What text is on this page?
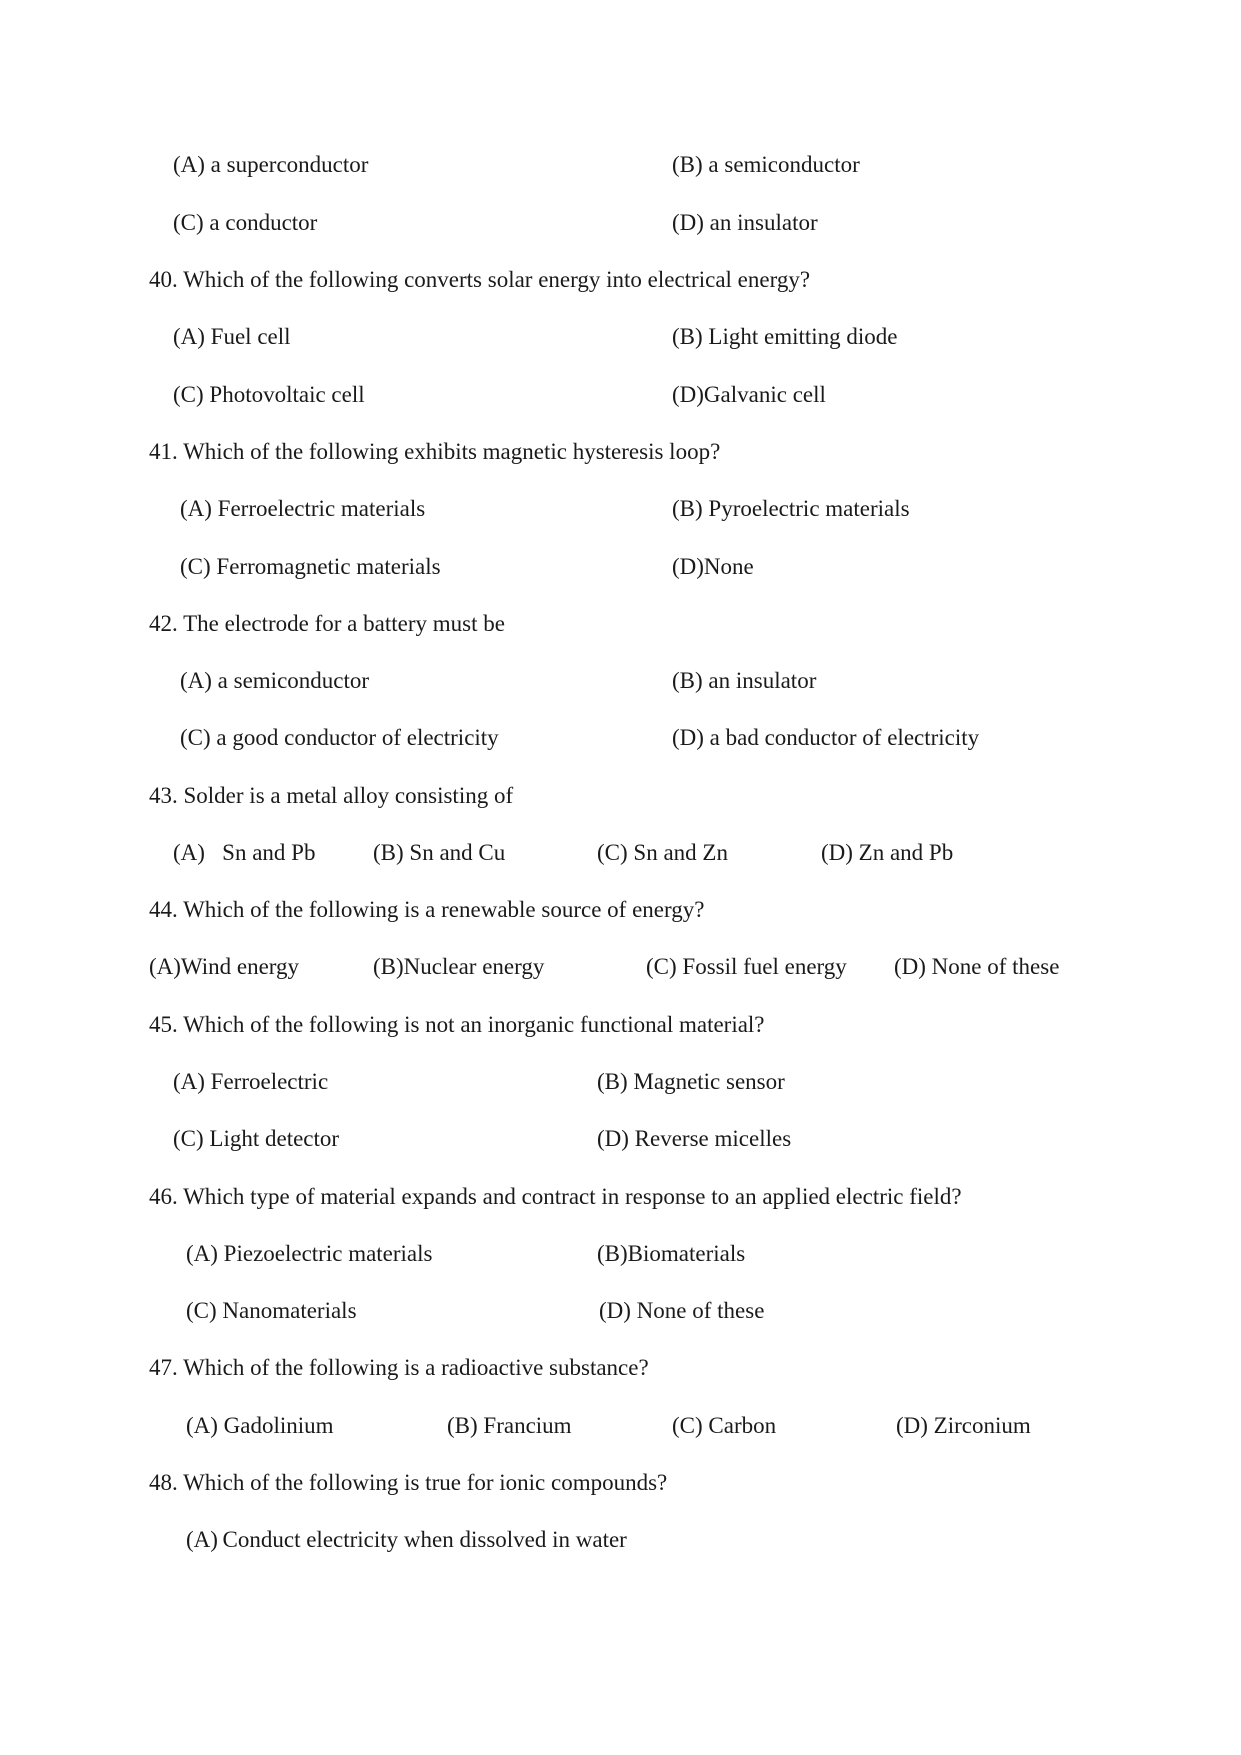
(A) a superconductor	(B) a semiconductor
(C) a conductor	(D) an insulator
40. Which of the following converts solar energy into electrical energy?
(A) Fuel cell	(B) Light emitting diode
(C) Photovoltaic cell	(D)Galvanic cell
41. Which of the following exhibits magnetic hysteresis loop?
(A) Ferroelectric materials	(B) Pyroelectric materials
(C) Ferromagnetic materials	(D)None
42. The electrode for a battery must be
(A) a semiconductor	(B) an insulator
(C) a good conductor of electricity	(D) a bad conductor of electricity
43. Solder is a metal alloy consisting of
(A)   Sn and Pb	(B) Sn and Cu	(C) Sn and Zn	(D) Zn and Pb
44. Which of the following is a renewable source of energy?
(A)Wind energy	(B)Nuclear energy	(C) Fossil fuel energy (D) None of these
45. Which of the following is not an inorganic functional material?
(A) Ferroelectric	(B) Magnetic sensor
(C) Light detector	(D) Reverse micelles
46. Which type of material expands and contract in response to an applied electric field?
(A) Piezoelectric materials	(B)Biomaterials
(C) Nanomaterials	(D) None of these
47. Which of the following is a radioactive substance?
(A) Gadolinium	(B) Francium	(C) Carbon	(D) Zirconium
48. Which of the following is true for ionic compounds?
(A) Conduct electricity when dissolved in water
